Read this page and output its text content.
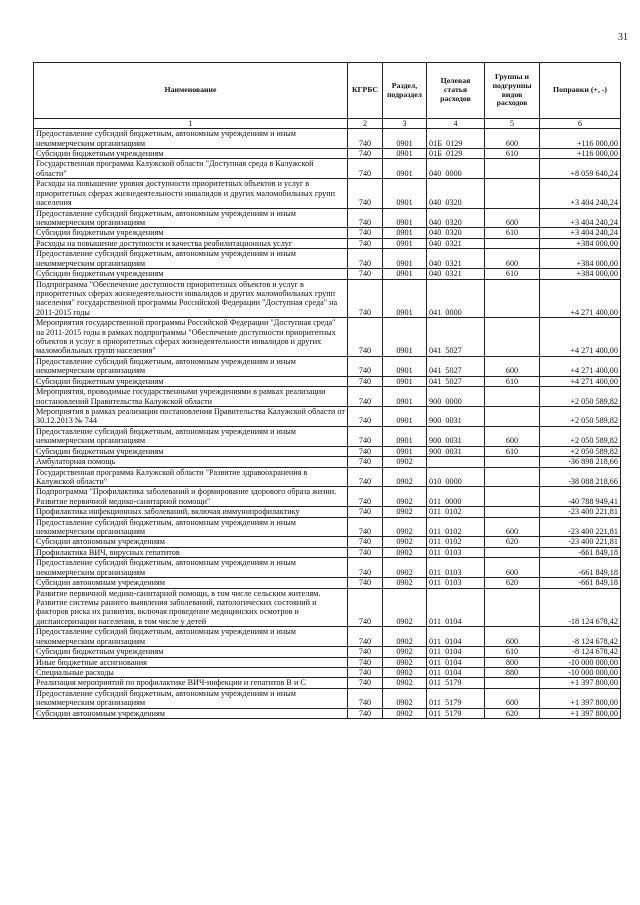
31
Наименование	КГРБС	Раздел, подраздел	Целевая статья расходов	Группы и подгруппы видов расходов	Поправки (+, -)
1	2	3	4	5	6
Предоставление субсидий бюджетным, автономным учреждениям и иным некоммерческим организациям	740	0901	01Б  0129	600	+116 000,00
Субсидии бюджетным учреждениям	740	0901	01Б  0129	610	+116 000,00
Государственная программа Калужской области "Доступная среда в Калужской области"	740	0901	040  0000		+8 059 640,24
Расходы на повышение уровня доступности приоритетных объектов и услуг в приоритетных сферах жизнедеятельности инвалидов и других маломобильных групп населения	740	0901	040  0320		+3 404 240,24
Предоставление субсидий бюджетным, автономным учреждениям и иным некоммерческим организациям	740	0901	040  0320	600	+3 404 240,24
Субсидии бюджетным учреждениям	740	0901	040  0320	610	+3 404 240,24
Расходы на повышение доступности и качества реабилитационных услуг	740	0901	040  0321		+384 000,00
Предоставление субсидий бюджетным, автономным учреждениям и иным некоммерческим организациям	740	0901	040  0321	600	+384 000,00
Субсидии бюджетным учреждениям	740	0901	040  0321	610	+384 000,00
Подпрограмма "Обеспечение доступности приоритетных объектов и услуг в приоритетных сферах жизнедеятельности инвалидов и других маломобильных групп населения" государственной программы Российской Федерации "Доступная среда" на 2011-2015 годы	740	0901	041  0000		+4 271 400,00
Мероприятия государственной программы Российской Федерации "Доступная среда" на 2011-2015 годы в рамках подпрограммы "Обеспечение доступности приоритетных объектов и услуг в приоритетных сферах жизнедеятельности инвалидов и других маломобильных групп населения"	740	0901	041  5027		+4 271 400,00
Предоставление субсидий бюджетным, автономным учреждениям и иным некоммерческим организациям	740	0901	041  5027	600	+4 271 400,00
Субсидии бюджетным учреждениям	740	0901	041  5027	610	+4 271 400,00
Мероприятия, проводимые государственными учреждениями в рамках реализации постановлений Правительства Калужской области	740	0901	900  0000		+2 050 589,82
Мероприятия в рамках реализации постановления Правительства Калужской области от 30.12.2013 № 744	740	0901	900  0031		+2 050 589,82
Предоставление субсидий бюджетным, автономным учреждениям и иным некоммерческим организациям	740	0901	900  0031	600	+2 050 589,82
Субсидии бюджетным учреждениям	740	0901	900  0031	610	+2 050 589,82
Амбулаторная помощь	740	0902			-36 898 218,66
Государственная программа Калужской области "Развитие здравоохранения в Калужской области"	740	0902	010  0000		-38 088 218,66
Подпрограмма "Профилактика заболеваний и формирование здорового образа жизни. Развитие первичной медико-санитарной помощи"	740	0902	011  0000		-40 788 949,41
Профилактика инфекционных заболеваний, включая иммунопрофилактику	740	0902	011  0102		-23 400 221,81
Предоставление субсидий бюджетным, автономным учреждениям и иным некоммерческим организациям	740	0902	011  0102	600	-23 400 221,81
Субсидии автономным учреждениям	740	0902	011  0102	620	-23 400 221,81
Профилактика ВИЧ, вирусных гепатитов	740	0902	011  0103		-661 849,18
Предоставление субсидий бюджетным, автономным учреждениям и иным некоммерческим организациям	740	0902	011  0103	600	-661 849,18
Субсидии автономным учреждениям	740	0902	011  0103	620	-661 849,18
Развитие первичной медико-санитарной помощи, в том числе сельским жителям. Развитие системы раннего выявления заболеваний, патологических состояний и факторов риска их развития, включая проведение медицинских осмотров и диспансеризации населения, в том числе у детей	740	0902	011  0104		-18 124 678,42
Предоставление субсидий бюджетным, автономным учреждениям и иным некоммерческим организациям	740	0902	011  0104	600	-8 124 678,42
Субсидии бюджетным учреждениям	740	0902	011  0104	610	-8 124 678,42
Иные бюджетные ассигнования	740	0902	011  0104	800	-10 000 000,00
Специальные расходы	740	0902	011  0104	880	-10 000 000,00
Реализация мероприятий по профилактике ВИЧ-инфекции и гепатитов В и С	740	0902	011  5179		+1 397 800,00
Предоставление субсидий бюджетным, автономным учреждениям и иным некоммерческим организациям	740	0902	011  5179	600	+1 397 800,00
Субсидии автономным учреждениям	740	0902	011  5179	620	+1 397 800,00
